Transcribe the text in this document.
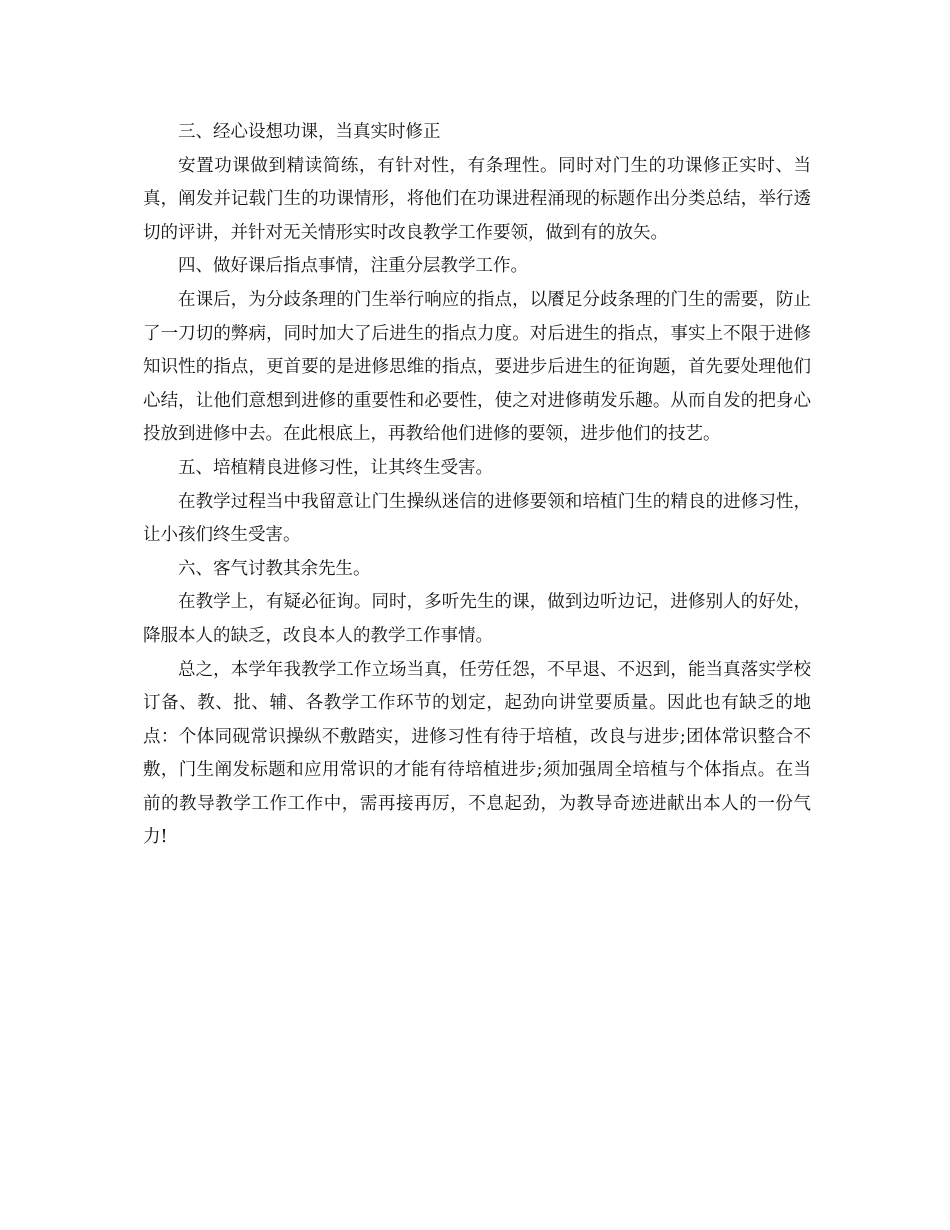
三、经心设想功课，当真实时修正

安置功课做到精读简练，有针对性，有条理性。同时对门生的功课修正实时、当真，阐发并记载门生的功课情形，将他们在功课进程涌现的标题作出分类总结，举行透切的评讲，并针对无关情形实时改良教学工作要领，做到有的放矢。

四、做好课后指点事情，注重分层教学工作。

在课后，为分歧条理的门生举行响应的指点，以餍足分歧条理的门生的需要，防止了一刀切的弊病，同时加大了后进生的指点力度。对后进生的指点，事实上不限于进修知识性的指点，更首要的是进修思维的指点，要进步后进生的征询题，首先要处理他们心结，让他们意想到进修的重要性和必要性，使之对进修萌发乐趣。从而自发的把身心投放到进修中去。在此根底上，再教给他们进修的要领，进步他们的技艺。

五、培植精良进修习性，让其终生受害。

在教学过程当中我留意让门生操纵迷信的进修要领和培植门生的精良的进修习性，让小孩们终生受害。

六、客气讨教其余先生。

在教学上，有疑必征询。同时，多听先生的课，做到边听边记，进修别人的好处，降服本人的缺乏，改良本人的教学工作事情。

总之，本学年我教学工作立场当真，任劳任怨，不早退、不迟到，能当真落实学校订备、教、批、辅、各教学工作环节的划定，起劲向讲堂要质量。因此也有缺乏的地点：个体同砚常识操纵不敷踏实，进修习性有待于培植，改良与进步;团体常识整合不敷，门生阐发标题和应用常识的才能有待培植进步;须加强周全培植与个体指点。在当前的教导教学工作工作中，需再接再厉，不息起劲，为教导奇迹进献出本人的一份气力!
